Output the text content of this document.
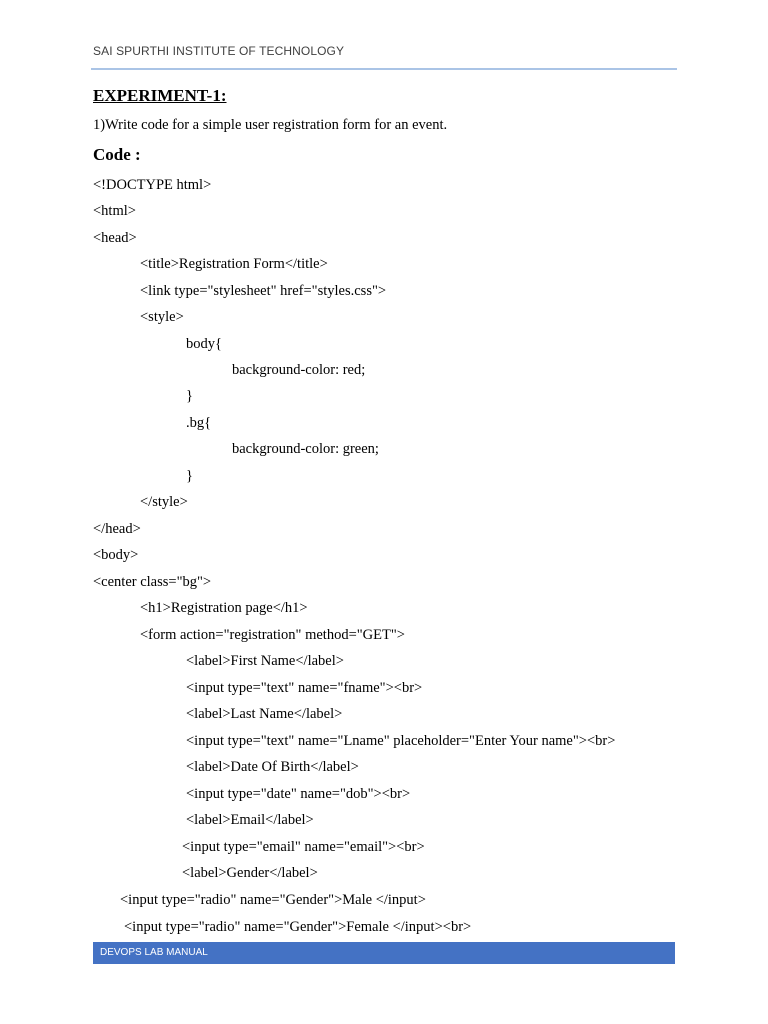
SAI SPURTHI INSTITUTE OF TECHNOLOGY
EXPERIMENT-1:
1)Write code for a simple user registration form for an event.
Code :
<!DOCTYPE html>
<html>
<head>
<title>Registration Form</title>
<link type="stylesheet" href="styles.css">
<style>
body{
background-color: red;
}
.bg{
background-color: green;
}
</style>
</head>
<body>
<center class="bg">
<h1>Registration page</h1>
<form action="registration" method="GET">
<label>First Name</label>
<input type="text" name="fname"><br>
<label>Last Name</label>
<input type="text" name="Lname" placeholder="Enter Your name"><br>
<label>Date Of Birth</label>
<input type="date" name="dob"><br>
<label>Email</label>
<input type="email" name="email"><br>
<label>Gender</label>
<input type="radio" name="Gender">Male </input>
<input type="radio" name="Gender">Female </input><br>
DEVOPS LAB MANUAL
